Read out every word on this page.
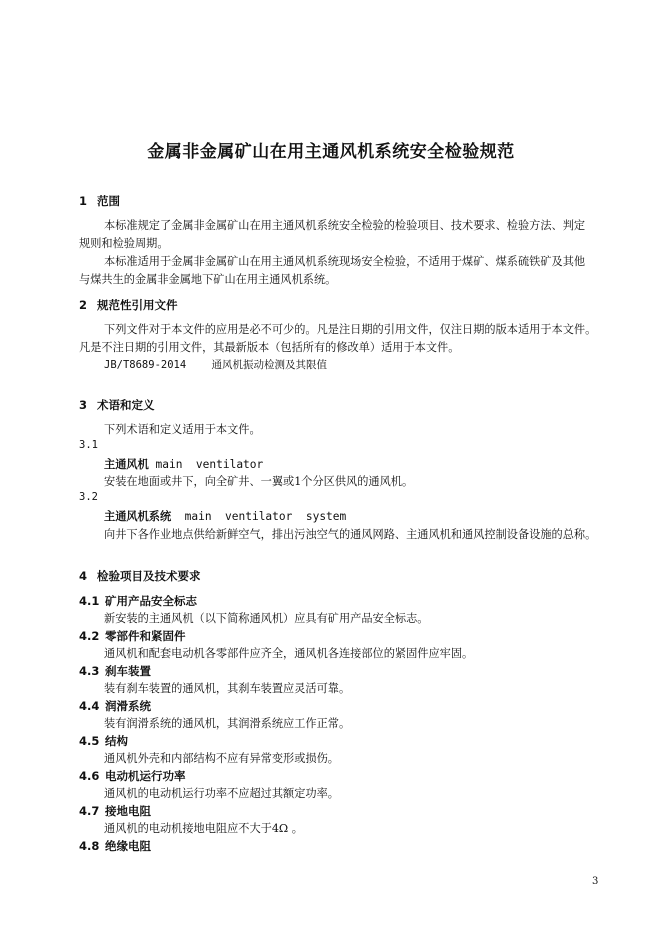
金属非金属矿山在用主通风机系统安全检验规范
1 范围
本标准规定了金属非金属矿山在用主通风机系统安全检验的检验项目、技术要求、检验方法、判定
规则和检验周期。
本标准适用于金属非金属矿山在用主通风机系统现场安全检验，不适用于煤矿、煤系硫铁矿及其他
与煤共生的金属非金属地下矿山在用主通风机系统。
2 规范性引用文件
下列文件对于本文件的应用是必不可少的。凡是注日期的引用文件，仅注日期的版本适用于本文件。
凡是不注日期的引用文件，其最新版本（包括所有的修改单）适用于本文件。
JB/T8689-2014    通风机振动检测及其限值
3 术语和定义
下列术语和定义适用于本文件。
3.1
主通风机 main  ventilator
安装在地面或井下，向全矿井、一翼或1个分区供风的通风机。
3.2
主通风机系统  main  ventilator  system
向井下各作业地点供给新鲜空气，排出污浊空气的通风网路、主通风机和通风控制设备设施的总称。
4 检验项目及技术要求
4.1 矿用产品安全标志
新安装的主通风机（以下简称通风机）应具有矿用产品安全标志。
4.2 零部件和紧固件
通风机和配套电动机各零部件应齐全，通风机各连接部位的紧固件应牢固。
4.3 刹车装置
装有刹车装置的通风机，其刹车装置应灵活可靠。
4.4 润滑系统
装有润滑系统的通风机，其润滑系统应工作正常。
4.5 结构
通风机外壳和内部结构不应有异常变形或损伤。
4.6 电动机运行功率
通风机的电动机运行功率不应超过其额定功率。
4.7 接地电阻
通风机的电动机接地电阻应不大于4Ω 。
4.8 绝缘电阻
3
